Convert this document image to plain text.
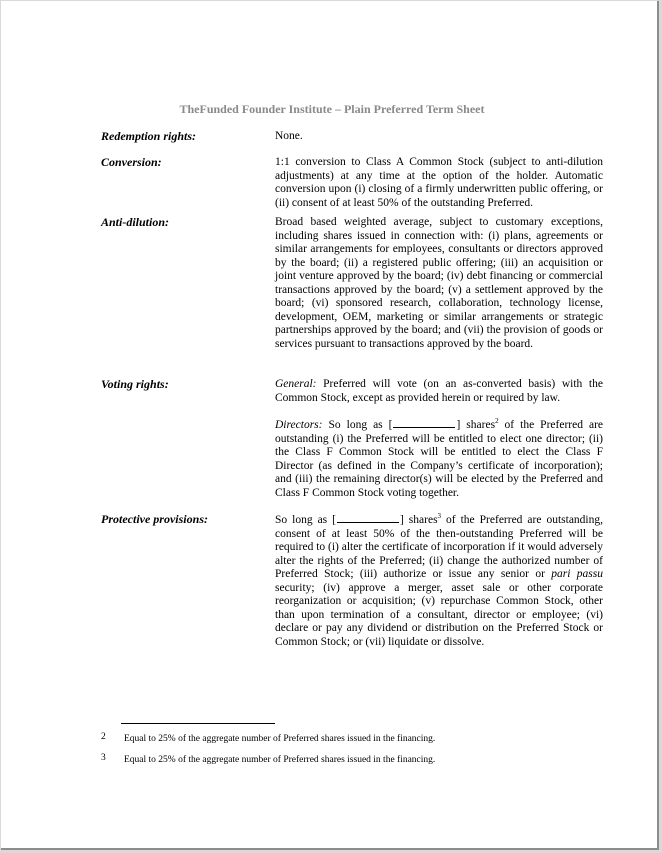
TheFunded Founder Institute – Plain Preferred Term Sheet
Redemption rights:	None.

Conversion:	1:1 conversion to Class A Common Stock (subject to anti-dilution adjustments) at any time at the option of the holder. Automatic conversion upon (i) closing of a firmly underwritten public offering, or (ii) consent of at least 50% of the outstanding Preferred.

Anti-dilution:	Broad based weighted average, subject to customary exceptions, including shares issued in connection with: (i) plans, agreements or similar arrangements for employees, consultants or directors approved by the board; (ii) a registered public offering; (iii) an acquisition or joint venture approved by the board; (iv) debt financing or commercial transactions approved by the board; (v) a settlement approved by the board; (vi) sponsored research, collaboration, technology license, development, OEM, marketing or similar arrangements or strategic partnerships approved by the board; and (vii) the provision of goods or services pursuant to transactions approved by the board.

Voting rights:	General: Preferred will vote (on an as-converted basis) with the Common Stock, except as provided herein or required by law.

Directors: So long as [	] shares$^2$ of the Preferred are outstanding (i) the Preferred will be entitled to elect one director; (ii) the Class F Common Stock will be entitled to elect the Class F Director (as defined in the Company’s certificate of incorporation); and (iii) the remaining director(s) will be elected by the Preferred and Class F Common Stock voting together.

Protective provisions:	So long as [	] shares$^3$ of the Preferred are outstanding, consent of at least 50% of the then-outstanding Preferred will be required to (i) alter the certificate of incorporation if it would adversely alter the rights of the Preferred; (ii) change the authorized number of Preferred Stock; (iii) authorize or issue any senior or pari passu security; (iv) approve a merger, asset sale or other corporate reorganization or acquisition; (v) repurchase Common Stock, other than upon termination of a consultant, director or employee; (vi) declare or pay any dividend or distribution on the Preferred Stock or Common Stock; or (vii) liquidate or dissolve.

2 Equal to 25% of the aggregate number of Preferred shares issued in the financing.
3 Equal to 25% of the aggregate number of Preferred shares issued in the financing.
